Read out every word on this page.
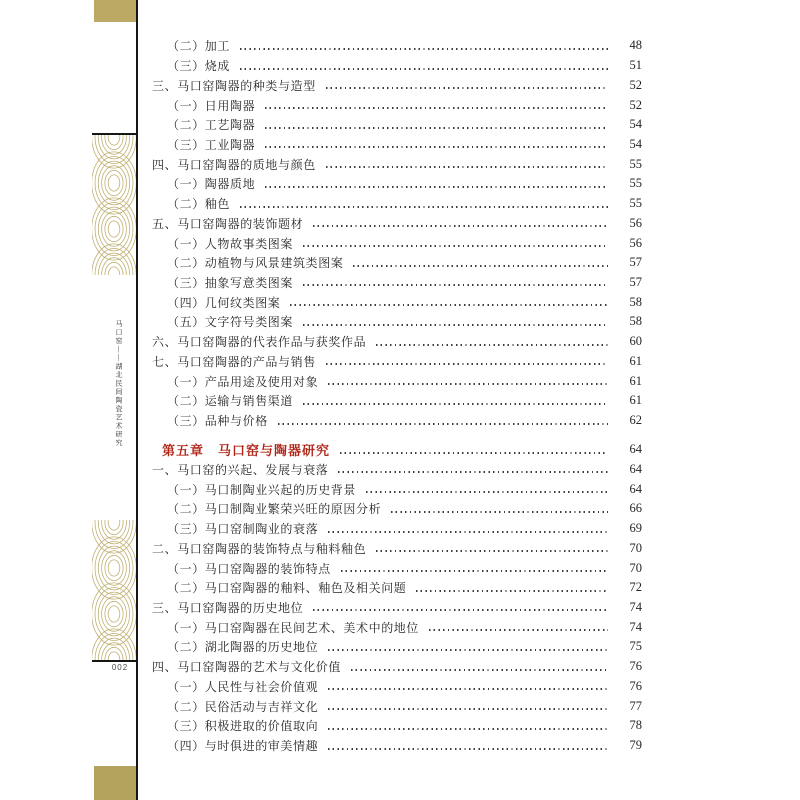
马口窑——湖北民间陶瓷艺术研究
002
（二）加工	48
（三）烧成	51
三、马口窑陶器的种类与造型	52
（一）日用陶器	52
（二）工艺陶器	54
（三）工业陶器	54
四、马口窑陶器的质地与颜色	55
（一）陶器质地	55
（二）釉色	55
五、马口窑陶器的装饰题材	56
（一）人物故事类图案	56
（二）动植物与风景建筑类图案	57
（三）抽象写意类图案	57
（四）几何纹类图案	58
（五）文字符号类图案	58
六、马口窑陶器的代表作品与获奖作品	60
七、马口窑陶器的产品与销售	61
（一）产品用途及使用对象	61
（二）运输与销售渠道	61
（三）品种与价格	62
第五章　马口窑与陶器研究	64
一、马口窑的兴起、发展与衰落	64
（一）马口制陶业兴起的历史背景	64
（二）马口制陶业繁荣兴旺的原因分析	66
（三）马口窑制陶业的衰落	69
二、马口窑陶器的装饰特点与釉料釉色	70
（一）马口窑陶器的装饰特点	70
（二）马口窑陶器的釉料、釉色及相关问题	72
三、马口窑陶器的历史地位	74
（一）马口窑陶器在民间艺术、美术中的地位	74
（二）湖北陶器的历史地位	75
四、马口窑陶器的艺术与文化价值	76
（一）人民性与社会价值观	76
（二）民俗活动与吉祥文化	77
（三）积极进取的价值取向	78
（四）与时俱进的审美情趣	79
